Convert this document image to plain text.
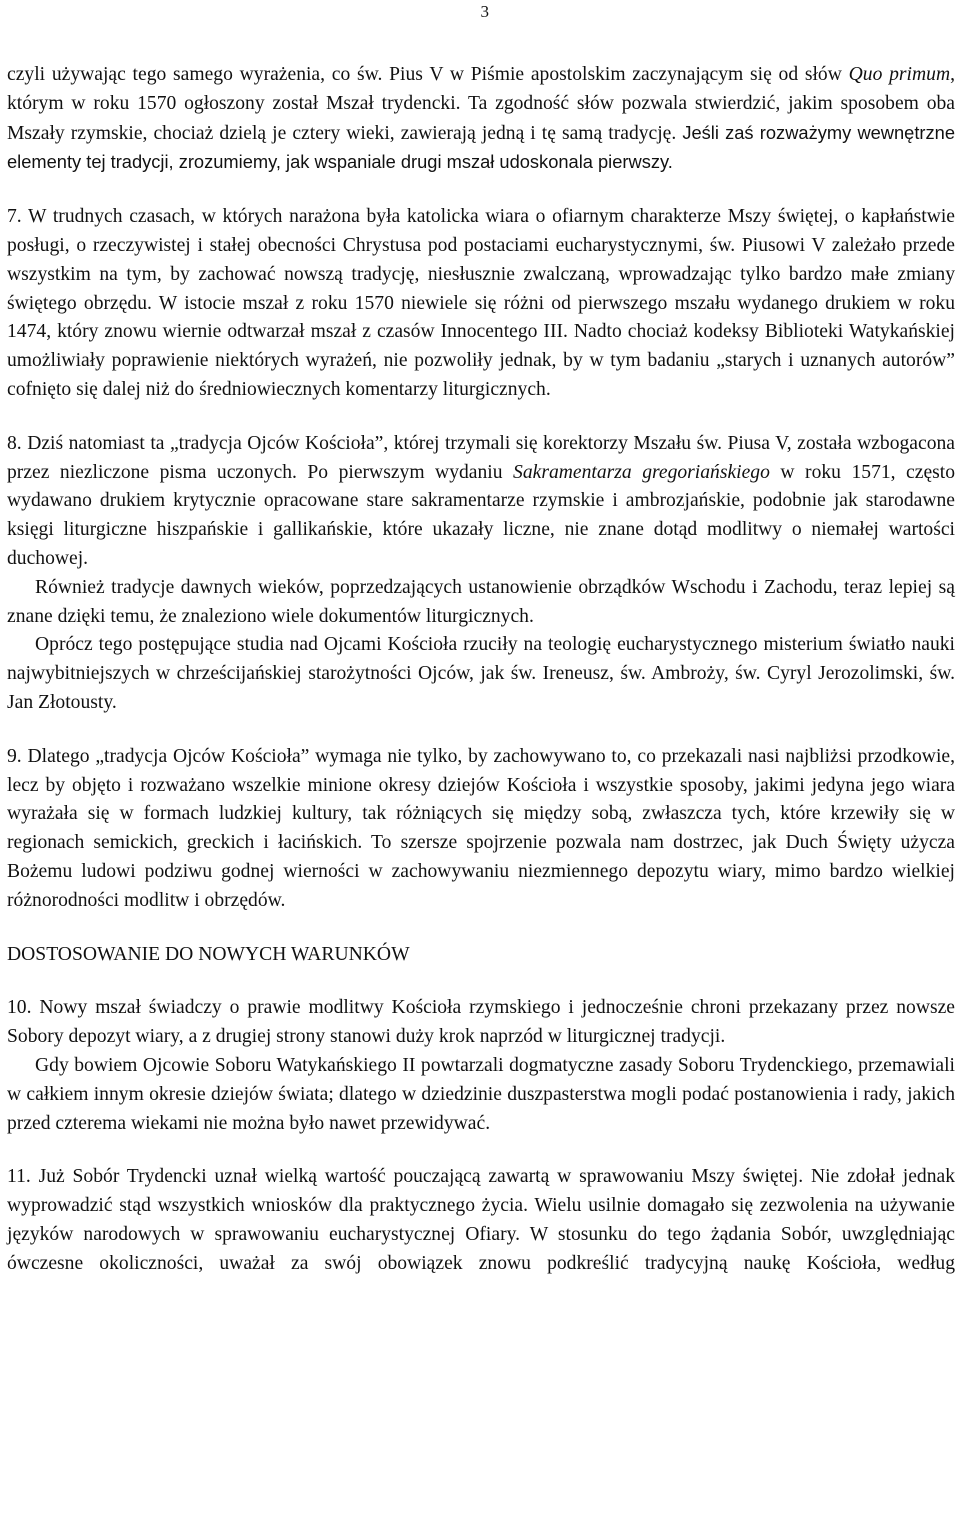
3

czyli używając tego samego wyrażenia, co św. Pius V w Piśmie apostolskim zaczynającym się od słów Quo primum, którym w roku 1570 ogłoszony został Mszał trydencki. Ta zgodność słów pozwala stwierdzić, jakim sposobem oba Mszały rzymskie, chociaż dzielą je cztery wieki, zawierają jedną i tę samą tradycję. Jeśli zaś rozważymy wewnętrzne elementy tej tradycji, zrozumiemy, jak wspaniale drugi mszał udoskonala pierwszy.

7. W trudnych czasach, w których narażona była katolicka wiara o ofiarnym charakterze Mszy świętej, o kapłaństwie posługi, o rzeczywistej i stałej obecności Chrystusa pod postaciami eucharystycznymi, św. Piusowi V zależało przede wszystkim na tym, by zachować nowszą tradycję, niesłusznie zwalczaną, wprowadzając tylko bardzo małe zmiany świętego obrzędu. W istocie mszał z roku 1570 niewiele się różni od pierwszego mszału wydanego drukiem w roku 1474, który znowu wiernie odtwarzał mszał z czasów Innocentego III. Nadto chociaż kodeksy Biblioteki Watykańskiej umożliwiały poprawienie niektórych wyrażeń, nie pozwoliły jednak, by w tym badaniu „starych i uznanych autorów” cofnięto się dalej niż do średniowiecznych komentarzy liturgicznych.

8. Dziś natomiast ta „tradycja Ojców Kościoła”, której trzymali się korektorzy Mszału św. Piusa V, została wzbogacona przez niezliczone pisma uczonych. Po pierwszym wydaniu Sakramentarza gregoriańskiego w roku 1571, często wydawano drukiem krytycznie opracowane stare sakramentarze rzymskie i ambrozjańskie, podobnie jak starodawne księgi liturgiczne hiszpańskie i gallikańskie, które ukazały liczne, nie znane dotąd modlitwy o niemałej wartości duchowej.

Również tradycje dawnych wieków, poprzedzających ustanowienie obrządków Wschodu i Zachodu, teraz lepiej są znane dzięki temu, że znaleziono wiele dokumentów liturgicznych.

Oprócz tego postępujące studia nad Ojcami Kościoła rzuciły na teologię eucharystycznego misterium światło nauki najwybitniejszych w chrześcijańskiej starożytności Ojców, jak św. Ireneusz, św. Ambroży, św. Cyryl Jerozolimski, św. Jan Złotousty.

9. Dlatego „tradycja Ojców Kościoła” wymaga nie tylko, by zachowywano to, co przekazali nasi najbliżsi przodkowie, lecz by objęto i rozważano wszelkie minione okresy dziejów Kościoła i wszystkie sposoby, jakimi jedyna jego wiara wyrażała się w formach ludzkiej kultury, tak różniących się między sobą, zwłaszcza tych, które krzewiły się w regionach semickich, greckich i łacińskich. To szersze spojrzenie pozwala nam dostrzec, jak Duch Święty użycza Bożemu ludowi podziwu godnej wierności w zachowywaniu niezmiennego depozytu wiary, mimo bardzo wielkiej różnorodności modlitw i obrzędów.

DOSTOSOWANIE DO NOWYCH WARUNKÓW

10. Nowy mszał świadczy o prawie modlitwy Kościoła rzymskiego i jednocześnie chroni przekazany przez nowsze Sobory depozyt wiary, a z drugiej strony stanowi duży krok naprzód w liturgicznej tradycji.

Gdy bowiem Ojcowie Soboru Watykańskiego II powtarzali dogmatyczne zasady Soboru Trydenckiego, przemawiali w całkiem innym okresie dziejów świata; dlatego w dziedzinie duszpasterstwa mogli podać postanowienia i rady, jakich przed czterema wiekami nie można było nawet przewidywać.

11. Już Sobór Trydencki uznał wielką wartość pouczającą zawartą w sprawowaniu Mszy świętej. Nie zdołał jednak wyprowadzić stąd wszystkich wniosków dla praktycznego życia. Wielu usilnie domagało się zezwolenia na używanie języków narodowych w sprawowaniu eucharystycznej Ofiary. W stosunku do tego żądania Sobór, uwzględniając ówczesne okoliczności, uważał za swój obowiązek znowu podkreślić tradycyjną naukę Kościoła, według
